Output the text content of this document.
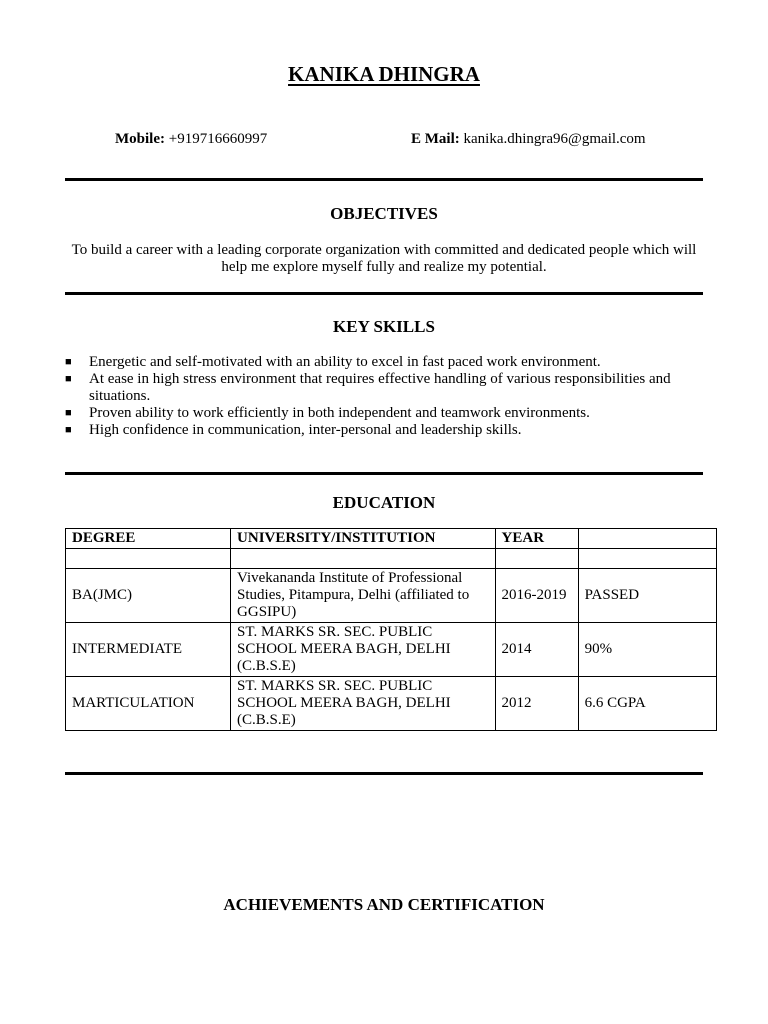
KANIKA DHINGRA
Mobile: +919716660997	E Mail: kanika.dhingra96@gmail.com
OBJECTIVES

To build a career with a leading corporate organization with committed and dedicated people which will help me explore myself fully and realize my potential.

KEY SKILLS
■ Energetic and self-motivated with an ability to excel in fast paced work environment.
■ At ease in high stress environment that requires effective handling of various responsibilities and situations.
■ Proven ability to work efficiently in both independent and teamwork environments.
■ High confidence in communication, inter-personal and leadership skills.
EDUCATION
DEGREE	UNIVERSITY/INSTITUTION	YEAR	

BA(JMC)	Vivekananda Institute of Professional Studies, Pitampura, Delhi (affiliated to GGSIPU)	2016-2019	PASSED
INTERMEDIATE	ST. MARKS SR. SEC. PUBLIC SCHOOL MEERA BAGH, DELHI (C.B.S.E)	2014	90%
MARTICULATION	ST. MARKS SR. SEC. PUBLIC SCHOOL MEERA BAGH, DELHI (C.B.S.E)	2012	6.6 CGPA
ACHIEVEMENTS AND CERTIFICATION
